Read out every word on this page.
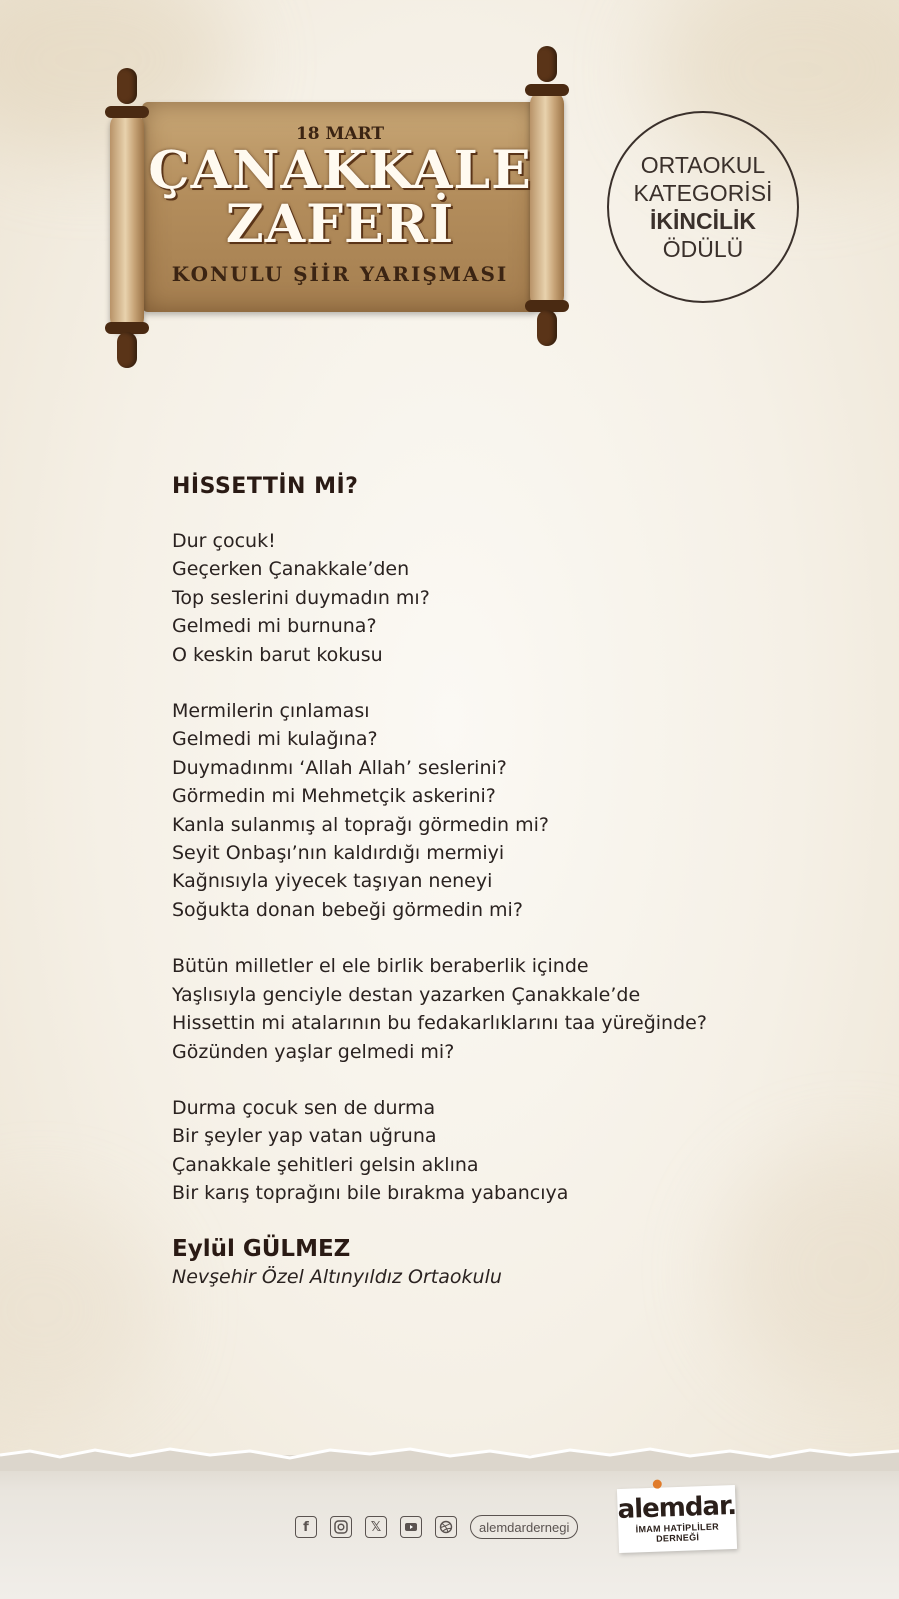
18 MART
ÇANAKKALE
ZAFERİ
KONULU ŞİİR YARIŞMASI
ORTAOKUL
KATEGORİSİ
İKİNCİLİK
ÖDÜLÜ
HİSSETTİN Mİ?
Dur çocuk!
Geçerken Çanakkale’den
Top seslerini duymadın mı?
Gelmedi mi burnuna?
O keskin barut kokusu
Mermilerin çınlaması
Gelmedi mi kulağına?
Duymadınmı ‘Allah Allah’ seslerini?
Görmedin mi Mehmetçik askerini?
Kanla sulanmış al toprağı görmedin mi?
Seyit Onbaşı’nın kaldırdığı mermiyi
Kağnısıyla yiyecek taşıyan neneyi
Soğukta donan bebeği görmedin mi?
Bütün milletler el ele birlik beraberlik içinde
Yaşlısıyla genciyle destan yazarken Çanakkale’de
Hissettin mi atalarının bu fedakarlıklarını taa yüreğinde?
Gözünden yaşlar gelmedi mi?
Durma çocuk sen de durma
Bir şeyler yap vatan uğruna
Çanakkale şehitleri gelsin aklına
Bir karış toprağını bile bırakma yabancıya
Eylül GÜLMEZ
Nevşehir Özel Altınyıldız Ortaokulu
f	𝕏	alemdardernegi
alemdar.
İMAM HATİPLİLER DERNEĞİ
